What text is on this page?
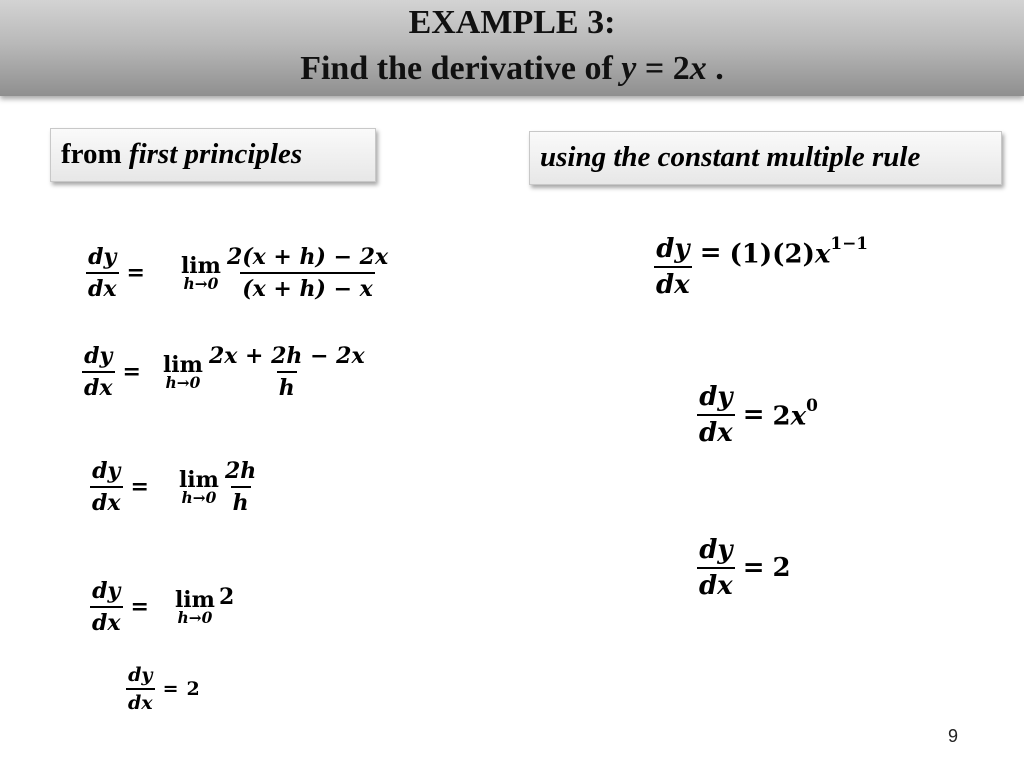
EXAMPLE 3:
Find the derivative of y = 2x .
from first principles	using the constant multiple rule
$\frac{dy}{dx} = \lim$
$h\to 0 \frac{2(x + h) - 2x}{(x + h) - x}$
$\frac{dy}{dx} = \lim$
$h\to 0 \frac{2x + 2h - 2x}{h}$
$\frac{dy}{dx} = \lim$
$h\to 0 \frac{2h}{h}$
$\frac{dy}{dx} = \lim$
h→0
2
$\frac{dy}{dx} = 2$
$\frac{dy}{dx} = (1)(2)x^{1-1}$
$\frac{dy}{dx} = 2x^0$
$\frac{dy}{dx} = 2$
9
